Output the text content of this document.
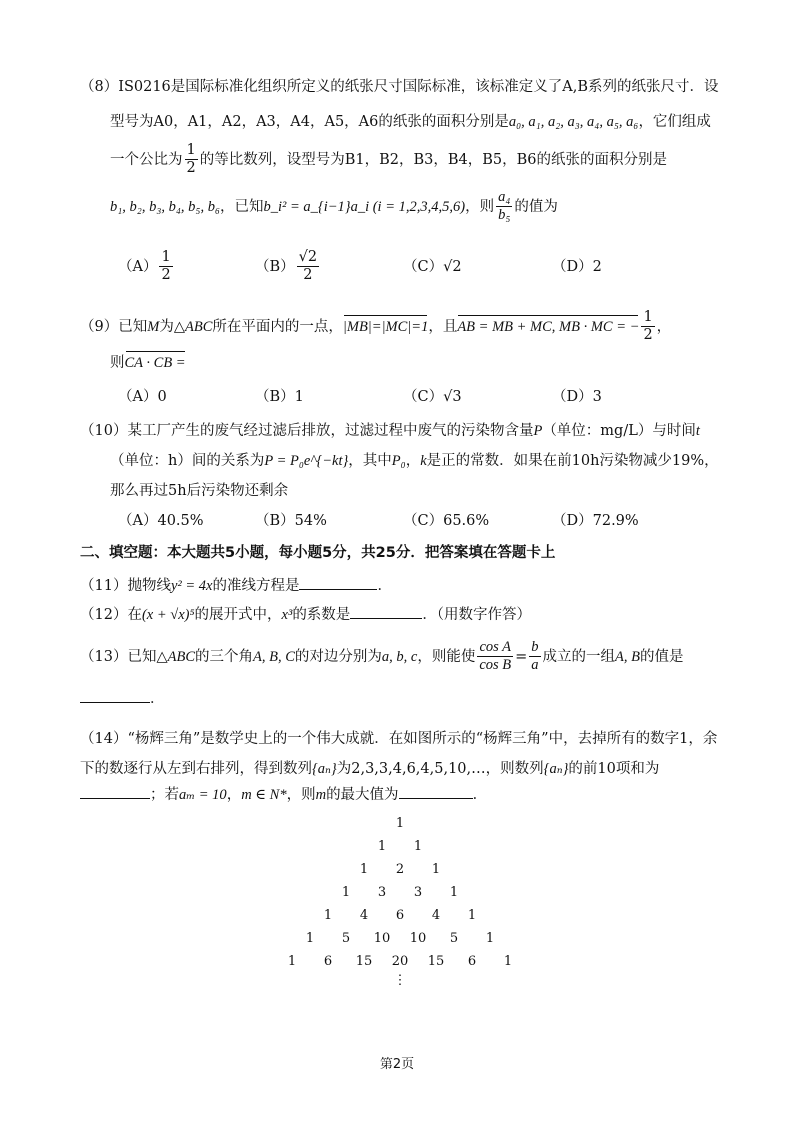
（8）IS0216是国际标准化组织所定义的纸张尺寸国际标准，该标准定义了A,B系列的纸张尺寸．设
型号为A0，A1，A2，A3，A4，A5，A6的纸张的面积分别是a₀, a₁, a₂, a₃, a₄, a₅, a₆，它们组成
一个公比为 $\frac{1}{2}$ 的等比数列，设型号为B1，B2，B3，B4，B5，B6的纸张的面积分别是
b₁, b₂, b₃, b₄, b₅, b₆，已知b_i² = a_{i−1}a_i (i = 1,2,3,4,5,6)，则 $\frac{\text{a₄}}{\text{b₅}}$ 的值为
$(A) \frac{1}{2}$	$(B) \frac{√2}{2}$	（C）√2	（D）2
（9）已知M为△ABC所在平面内的一点，|MB|=|MC|=1，且AB = MB + MC, MB · MC = − $\frac{1}{2}$ ，
则CA · CB =
（A）0	（B）1	（C）√3	（D）3
（10）某工厂产生的废气经过滤后排放，过滤过程中废气的污染物含量P（单位：mg/L）与时间t
（单位：h）间的关系为P = P₀e^{−kt}，其中P₀，k是正的常数．如果在前10h污染物减少19%，
那么再过5h后污染物还剩余
（A）40.5%	（B）54%	（C）65.6%	（D）72.9%
二、填空题：本大题共5小题，每小题5分，共25分．把答案填在答题卡上
（11）抛物线y² = 4x的准线方程是	．
（12）在(x + √x)⁵的展开式中，x³的系数是	．（用数字作答）
（13）已知△ABC的三个角A, B, C的对边分别为a, b, c，则能使 $\frac{\text{cos A}}{\text{cos B}} = \frac{b}{a}$ 成立的一组A, B的值是
．
（14）“杨辉三角”是数学史上的一个伟大成就．在如图所示的“杨辉三角”中，去掉所有的数字1，余
下的数逐行从左到右排列，得到数列{aₙ}为2,3,3,4,6,4,5,10,…，则数列{aₙ}的前10项和为
；若aₘ = 10，m ∈ N*，则m的最大值为	．
1
1 1
1 2 1
1 3 3 1
1 4 6 4 1
1 5 10 10 5 1
1 6 15 20 15 6 1
⋮
第2页
